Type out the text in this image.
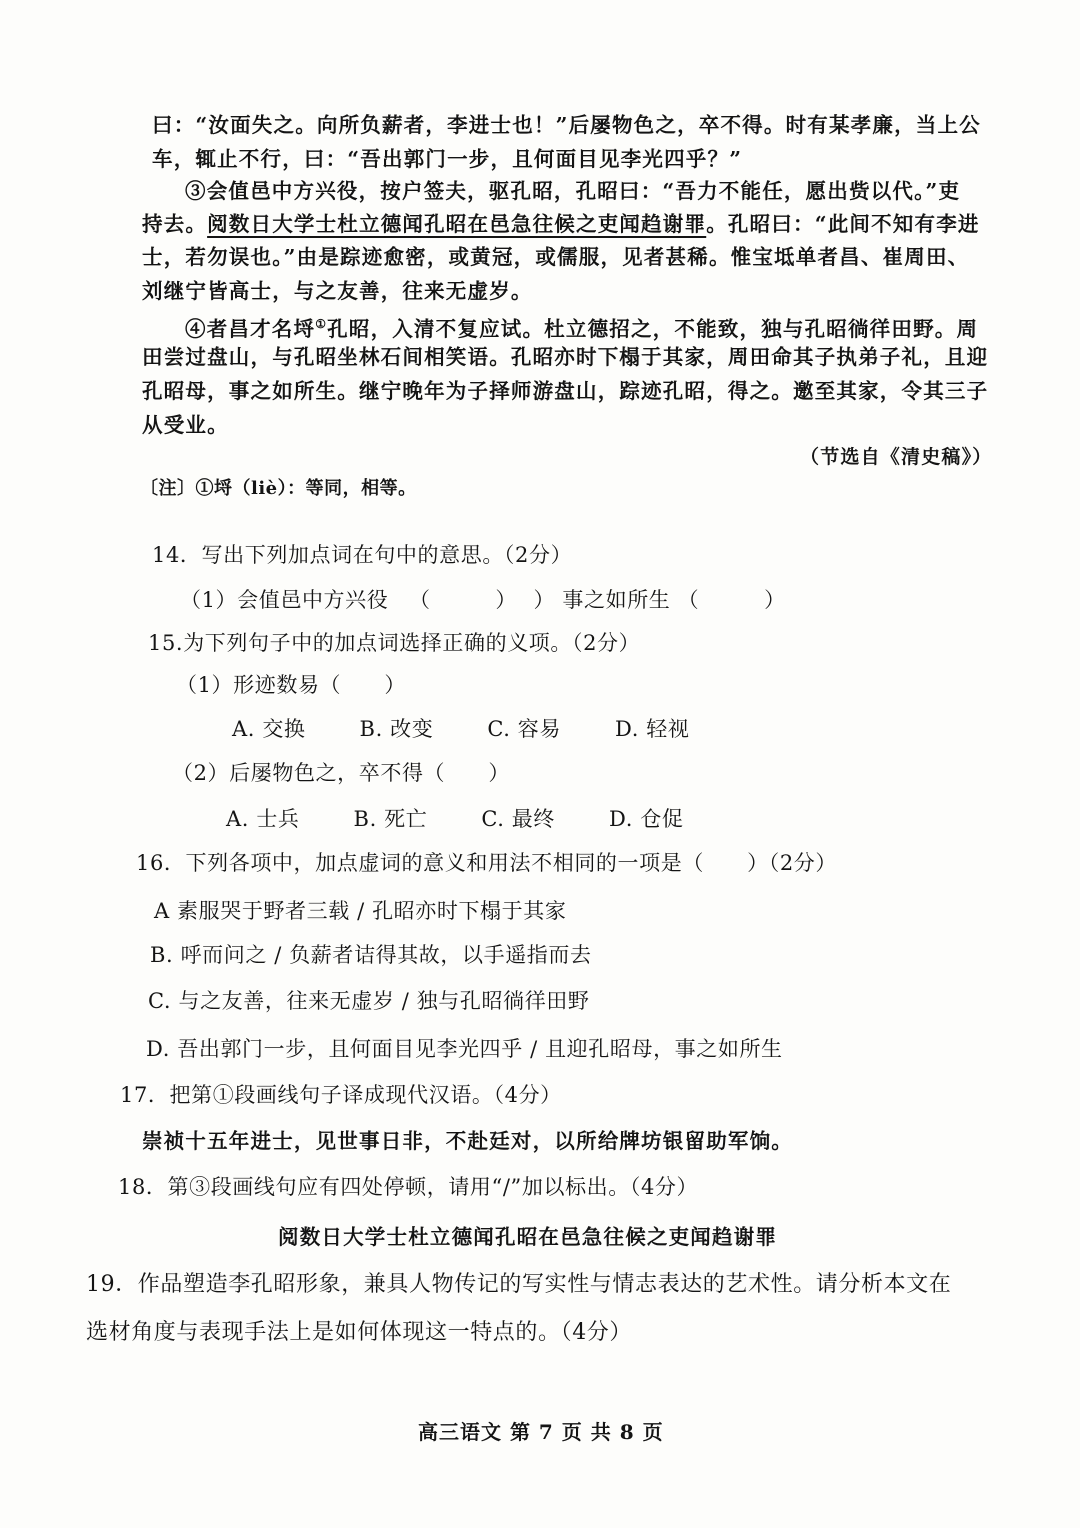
曰：“汝面失之。向所负薪者，李进士也！”后屡物色之，卒不得。时有某孝廉，当上公
车，辄止不行，曰：“吾出郭门一步，且何面目见李光四乎？”
③会值邑中方兴役，按户签夫，驱孔昭，孔昭曰：“吾力不能任，愿出赀以代。”吏
持去。阅数日大学士杜立德闻孔昭在邑急往候之吏闻趋谢罪。孔昭曰：“此间不知有李进
士，若勿误也。”由是踪迹愈密，或黄冠，或儒服，见者甚稀。惟宝坻单者昌、崔周田、
刘继宁皆高士，与之友善，往来无虚岁。
④者昌才名埒①孔昭，入清不复应试。杜立德招之，不能致，独与孔昭徜徉田野。周
田尝过盘山，与孔昭坐林石间相笑语。孔昭亦时下榻于其家，周田命其子执弟子礼，且迎
孔昭母，事之如所生。继宁晚年为子择师游盘山，踪迹孔昭，得之。邀至其家，令其三子
从受业。
（节选自《清史稿》）
〔注〕①埒（liè）：等同，相等。
14．写出下列加点词在句中的意思。（2分）
（1）会值邑中方兴役 （　　　） ） 事之如所生 （　　　）
15.为下列句子中的加点词选择正确的义项。（2分）
（1）形迹数易（　　）
A. 交换	B. 改变	C. 容易	D. 轻视
（2）后屡物色之，卒不得（　　）
A. 士兵	B. 死亡	C. 最终	D. 仓促
16．下列各项中，加点虚词的意义和用法不相同的一项是（　　）（2分）
A 素服哭于野者三载 / 孔昭亦时下榻于其家
B. 呼而问之 / 负薪者诘得其故，以手遥指而去
C. 与之友善，往来无虚岁 / 独与孔昭徜徉田野
D. 吾出郭门一步，且何面目见李光四乎 / 且迎孔昭母，事之如所生
17．把第①段画线句子译成现代汉语。（4分）
崇祯十五年进士，见世事日非，不赴廷对，以所给牌坊银留助军饷。
18．第③段画线句应有四处停顿，请用“/”加以标出。（4分）
阅数日大学士杜立德闻孔昭在邑急往候之吏闻趋谢罪
19．作品塑造李孔昭形象，兼具人物传记的写实性与情志表达的艺术性。请分析本文在
选材角度与表现手法上是如何体现这一特点的。（4分）
高三语文 第 7 页 共 8 页
